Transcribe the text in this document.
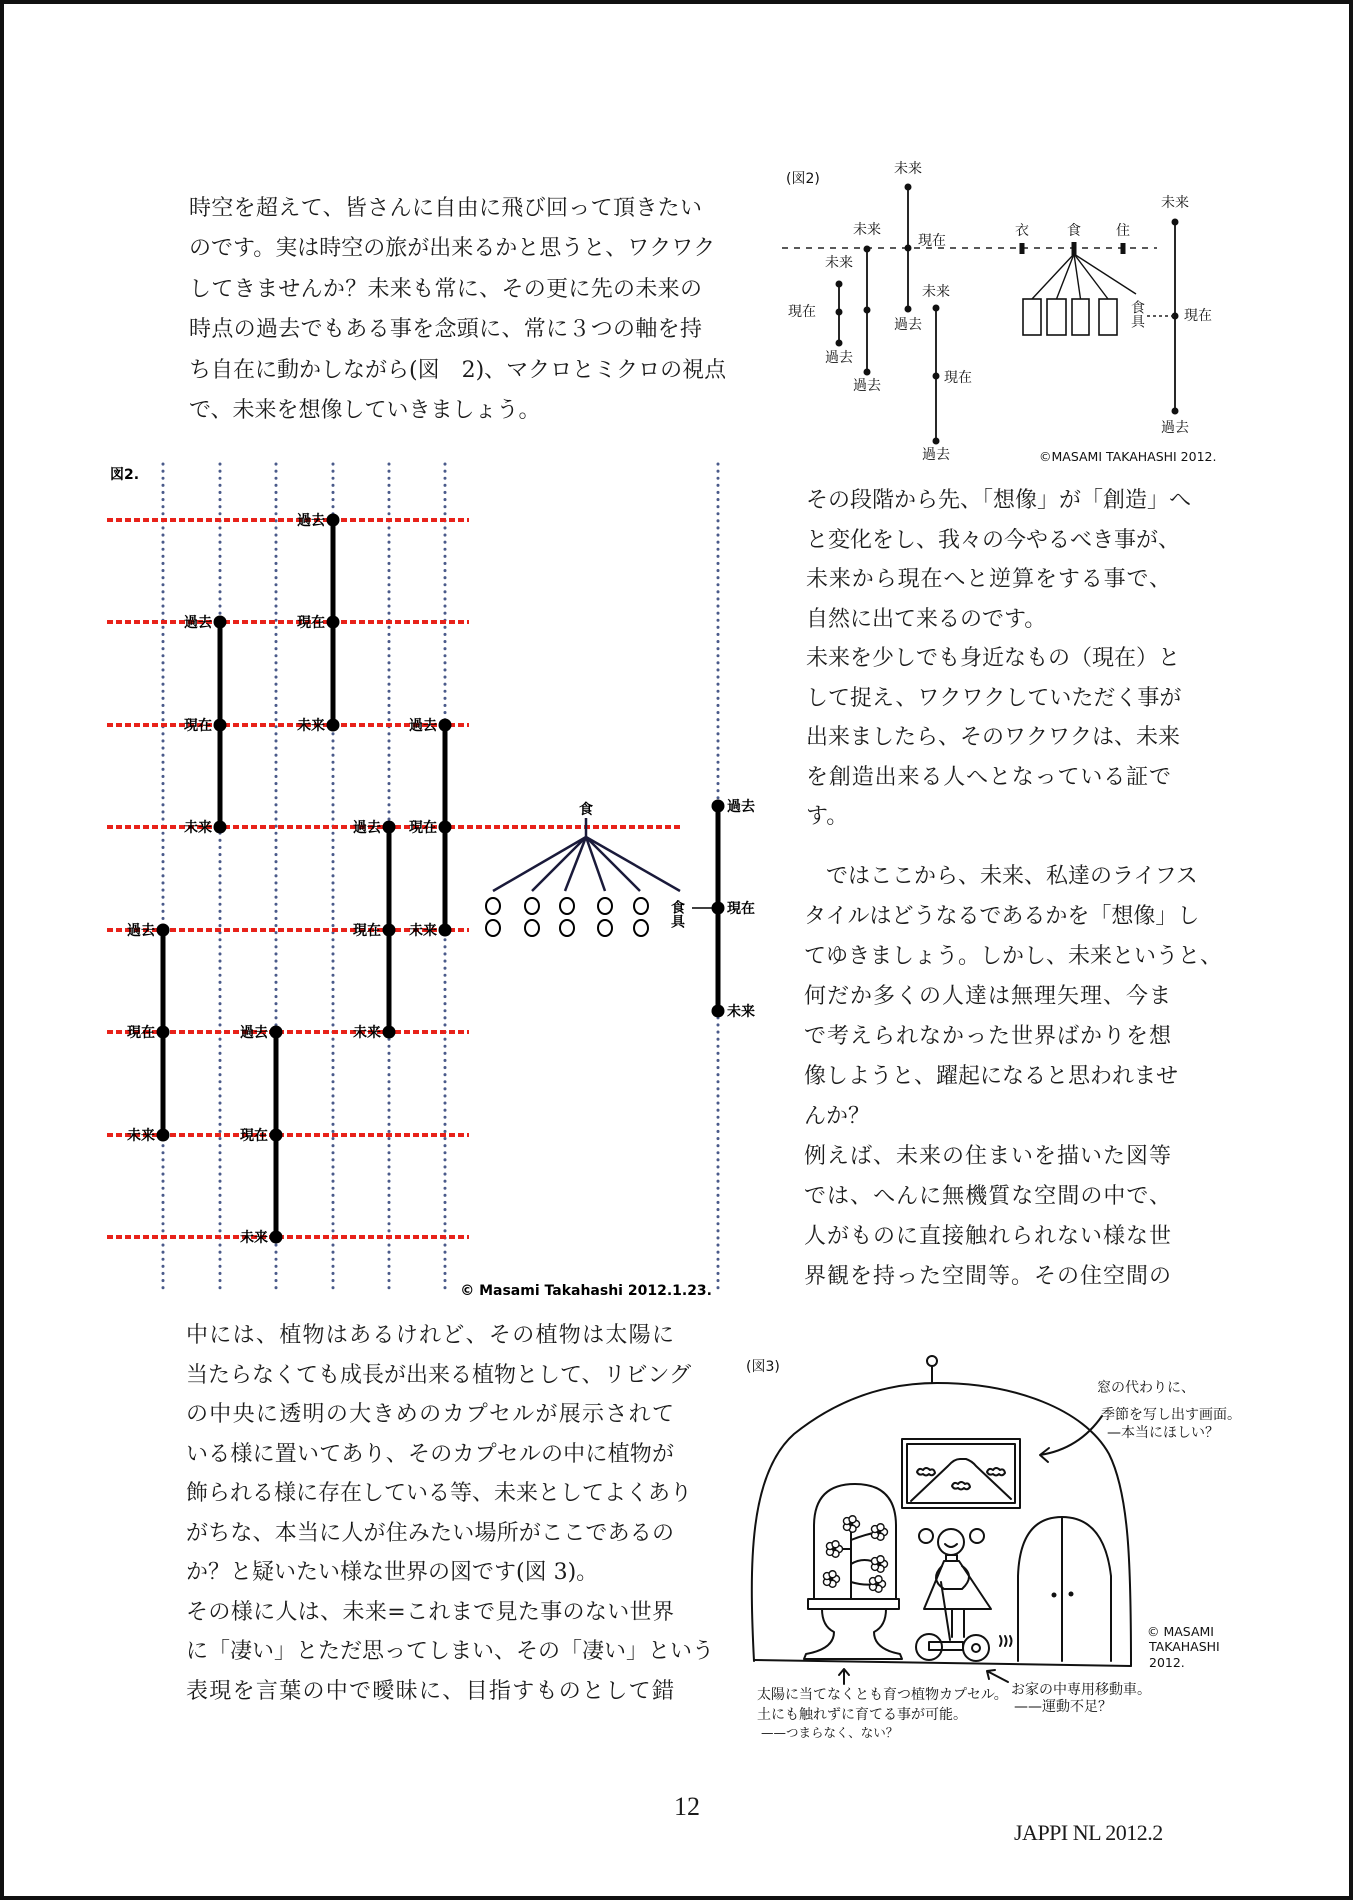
時空を超えて、皆さんに自由に飛び回って頂きたい
のです。実は時空の旅が出来るかと思うと、ワクワク
してきませんか？未来も常に、その更に先の未来の
時点の過去でもある事を念頭に、常に３つの軸を持
ち自在に動かしながら(図　2)、マクロとミクロの視点
で、未来を想像していきましょう。
その段階から先、「想像」が「創造」へ
と変化をし、我々の今やるべき事が、
未来から現在へと逆算をする事で、
自然に出て来るのです。
未来を少しでも身近なもの（現在）と
して捉え、ワクワクしていただく事が
出来ましたら、そのワクワクは、未来
を創造出来る人へとなっている証で
す。
ではここから、未来、私達のライフス
タイルはどうなるであるかを「想像」し
てゆきましょう。しかし、未来というと、
何だか多くの人達は無理矢理、今ま
で考えられなかった世界ばかりを想
像しようと、躍起になると思われませ
んか？
例えば、未来の住まいを描いた図等
では、へんに無機質な空間の中で、
人がものに直接触れられない様な世
界観を持った空間等。その住空間の
中には、植物はあるけれど、その植物は太陽に
当たらなくても成長が出来る植物として、リビング
の中央に透明の大きめのカプセルが展示されて
いる様に置いてあり、そのカプセルの中に植物が
飾られる様に存在している等、未来としてよくあり
がちな、本当に人が住みたい場所がここであるの
か？と疑いたい様な世界の図です(図 3)。
その様に人は、未来=これまで見た事のない世界
に「凄い」とただ思ってしまい、その「凄い」という
表現を言葉の中で曖昧に、目指すものとして錯
図2.
過去
現在
未来
過去
現在
未来
過去
現在
未来
過去
現在
未来
過去
現在
未来
過去
現在
未来
過去
現在
未来
食
食具
© Masami Takahashi 2012.1.23.
(図2)
未来
過去
現在
未来
過去
未来
過去
現在
未来
過去
現在
未来
過去
現在
衣	食	住
食具
©MASAMI TAKAHASHI 2012.
(図3)
窓の代わりに、
季節を写し出す画面。
—本当にほしい？
© MASAMI
TAKAHASHI
2012.
太陽に当てなくとも育つ植物カプセル。
土にも触れずに育てる事が可能。
——つまらなく、ない？
お家の中専用移動車。
——運動不足？
12
JAPPI NL 2012.2
